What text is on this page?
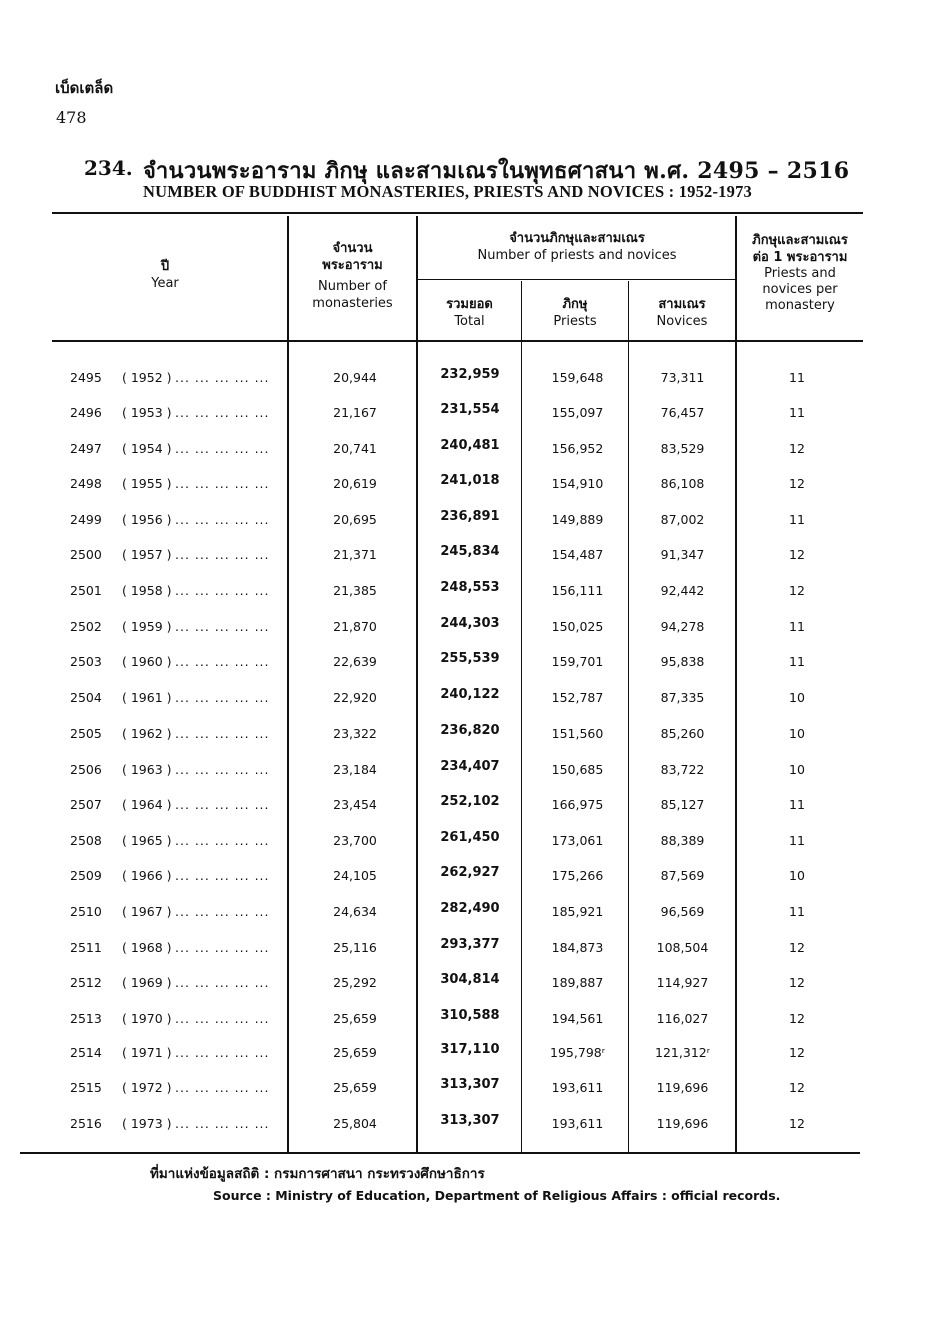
เบ็ดเตล็ด
478
234. จำนวนพระอาราม ภิกษุ และสามเณรในพุทธศาสนา พ.ศ. 2495 – 2516
NUMBER OF BUDDHIST MONASTERIES, PRIESTS AND NOVICES : 1952-1973
ปี
Year
จำนวน
พระอาราม
Number of
monasteries
จำนวนภิกษุและสามเณร
Number of priests and novices
รวมยอด
Total
ภิกษุ
Priests
สามเณร
Novices
ภิกษุและสามเณร
ต่อ 1 พระอาราม
Priests and
novices per
monastery
2495 ( 1952 ) ... ... ... ... ...	20,944	232,959	159,648	73,311	11
2496 ( 1953 ) ... ... ... ... ...	21,167	231,554	155,097	76,457	11
2497 ( 1954 ) ... ... ... ... ...	20,741	240,481	156,952	83,529	12
2498 ( 1955 ) ... ... ... ... ...	20,619	241,018	154,910	86,108	12
2499 ( 1956 ) ... ... ... ... ...	20,695	236,891	149,889	87,002	11
2500 ( 1957 ) ... ... ... ... ...	21,371	245,834	154,487	91,347	12
2501 ( 1958 ) ... ... ... ... ...	21,385	248,553	156,111	92,442	12
2502 ( 1959 ) ... ... ... ... ...	21,870	244,303	150,025	94,278	11
2503 ( 1960 ) ... ... ... ... ...	22,639	255,539	159,701	95,838	11
2504 ( 1961 ) ... ... ... ... ...	22,920	240,122	152,787	87,335	10
2505 ( 1962 ) ... ... ... ... ...	23,322	236,820	151,560	85,260	10
2506 ( 1963 ) ... ... ... ... ...	23,184	234,407	150,685	83,722	10
2507 ( 1964 ) ... ... ... ... ...	23,454	252,102	166,975	85,127	11
2508 ( 1965 ) ... ... ... ... ...	23,700	261,450	173,061	88,389	11
2509 ( 1966 ) ... ... ... ... ...	24,105	262,927	175,266	87,569	10
2510 ( 1967 ) ... ... ... ... ...	24,634	282,490	185,921	96,569	11
2511 ( 1968 ) ... ... ... ... ...	25,116	293,377	184,873	108,504	12
2512 ( 1969 ) ... ... ... ... ...	25,292	304,814	189,887	114,927	12
2513 ( 1970 ) ... ... ... ... ...	25,659	310,588	194,561	116,027	12
2514 ( 1971 ) ... ... ... ... ...	25,659	317,110	195,798ʳ	121,312ʳ	12
2515 ( 1972 ) ... ... ... ... ...	25,659	313,307	193,611	119,696	12
2516 ( 1973 ) ... ... ... ... ...	25,804	313,307	193,611	119,696	12
ที่มาแห่งข้อมูลสถิติ : กรมการศาสนา กระทรวงศึกษาธิการ
Source : Ministry of Education, Department of Religious Affairs : official records.
